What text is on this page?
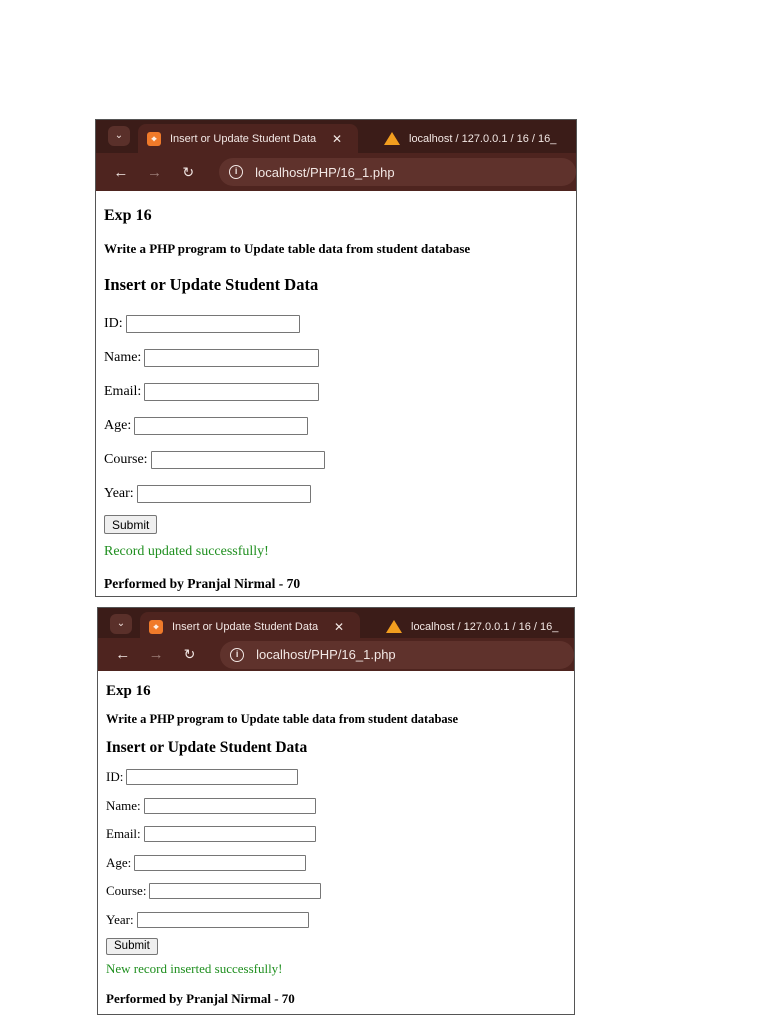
⌄	⌖	Insert or Update Student Data	✕	localhost / 127.0.0.1 / 16 / 16_
←	→	↻	i	localhost/PHP/16_1.php
Exp 16
Write a PHP program to Update table data from student database
Insert or Update Student Data
ID:
Name:
Email:
Age:
Course:
Year:
Submit
Record updated successfully!
Performed by Pranjal Nirmal - 70
⌄	⌖	Insert or Update Student Data	✕	localhost / 127.0.0.1 / 16 / 16_
←	→	↻	i	localhost/PHP/16_1.php
Exp 16
Write a PHP program to Update table data from student database
Insert or Update Student Data
ID:
Name:
Email:
Age:
Course:
Year:
Submit
New record inserted successfully!
Performed by Pranjal Nirmal - 70
